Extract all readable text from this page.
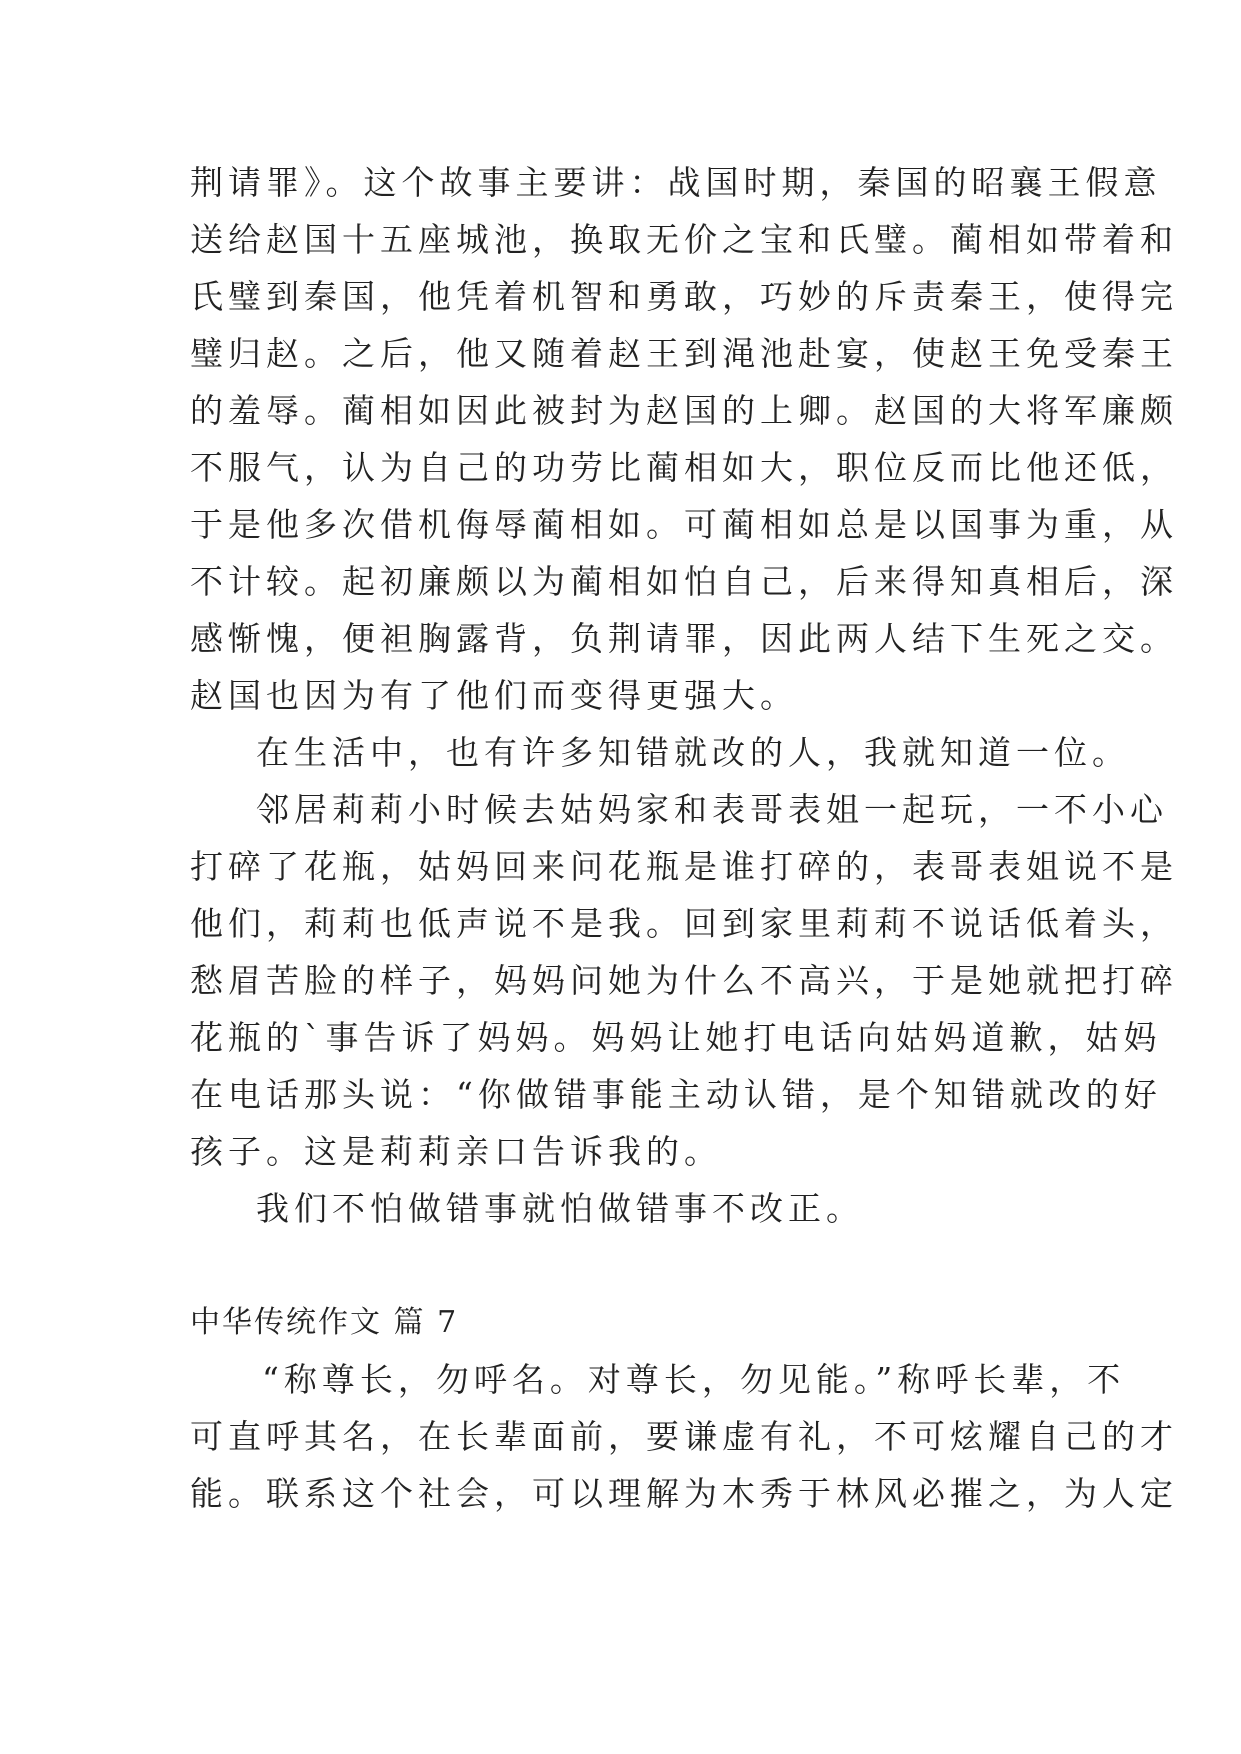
荆请罪》。这个故事主要讲：战国时期，秦国的昭襄王假意
送给赵国十五座城池，换取无价之宝和氏璧。蔺相如带着和
氏璧到秦国，他凭着机智和勇敢，巧妙的斥责秦王，使得完
璧归赵。之后，他又随着赵王到渑池赴宴，使赵王免受秦王
的羞辱。蔺相如因此被封为赵国的上卿。赵国的大将军廉颇
不服气，认为自己的功劳比蔺相如大，职位反而比他还低，
于是他多次借机侮辱蔺相如。可蔺相如总是以国事为重，从
不计较。起初廉颇以为蔺相如怕自己，后来得知真相后，深
感惭愧，便袒胸露背，负荆请罪，因此两人结下生死之交。
赵国也因为有了他们而变得更强大。
在生活中，也有许多知错就改的人，我就知道一位。
邻居莉莉小时候去姑妈家和表哥表姐一起玩，一不小心
打碎了花瓶，姑妈回来问花瓶是谁打碎的，表哥表姐说不是
他们，莉莉也低声说不是我。回到家里莉莉不说话低着头，
愁眉苦脸的样子，妈妈问她为什么不高兴，于是她就把打碎
花瓶的`事告诉了妈妈。妈妈让她打电话向姑妈道歉，姑妈
在电话那头说：“你做错事能主动认错，是个知错就改的好
孩子。这是莉莉亲口告诉我的。
我们不怕做错事就怕做错事不改正。
中华传统作文 篇 7
“称尊长，勿呼名。对尊长，勿见能。”称呼长辈，不
可直呼其名，在长辈面前，要谦虚有礼，不可炫耀自己的才
能。联系这个社会，可以理解为木秀于林风必摧之，为人定
